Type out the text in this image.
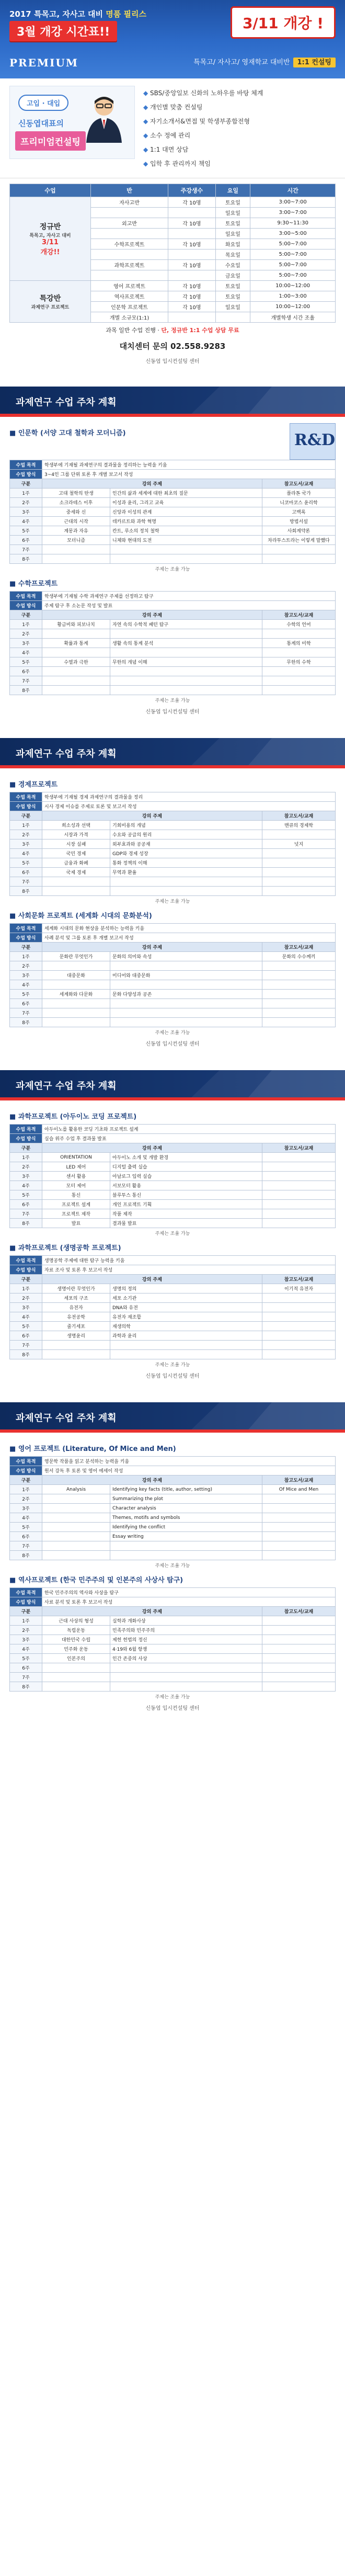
2017 특목고, 자사고 대비 명품 필리스
3월 개강 시간표!!
3/11 개강 !
PREMIUM	특목고/ 자사고/ 영재학교 대비반 1:1 컨설팅
고입 · 대입
신동엽대표의
프리미엄컨설팅
◆ SBS/중앙일보 신화의 노하우를 바탕 체계
◆ 개인별 맞춤 컨설팅
◆ 자기소개서&면접 및 학생부종합전형
◆ 소수 정예 관리
◆ 1:1 대면 상담
◆ 입학 후 관리까지 책임
수업	반	주강생수	요일	시간

정규반
특목고, 자사고 대비
3/11
개강!!	자사고반	각 10명	토요일	3:00~7:00
			일요일	3:00~7:00
	외고반	각 10명	토요일	9:30~11:30
			일요일	3:00~5:00
	수학프로젝트	각 10명	화요일	5:00~7:00
			목요일	5:00~7:00
	과학프로젝트	각 10명	수요일	5:00~7:00
			금요일	5:00~7:00

특강반
과제연구 프로젝트	영어 프로젝트	각 10명	토요일	10:00~12:00
	역사프로젝트	각 10명	토요일	1:00~3:00
	인문학 프로젝트	각 10명	일요일	10:00~12:00
	개별 소규모(1:1)			개별학생 시간 조율
과목 일반 수업 진행 · 단, 정규반 1:1 수업 상담 무료
대치센터 문의 02.558.9283
신동엽 입시컨설팅 센터
과제연구 수업 주차 계획
R&D
■ 인문학 (서양 고대 철학과 모더니즘)
수업 목적	학생부에 기재될 과제연구의 결과물을 정리하는 능력을 키움		
수업 방식	3~4인 그룹 단위 토론 후 개별 보고서 작성		
구분	강의 주제		참고도서/교재
1주	고대 철학의 탄생	인간의 삶과 세계에 대한 최초의 질문	플라톤 국가
2주	소크라테스 이후	이성과 윤리, 그리고 교육	니코마코스 윤리학
3주	중세와 신	신앙과 이성의 관계	고백록
4주	근대의 시작	데카르트와 과학 혁명	방법서설
5주	계몽과 자유	칸트, 루소의 정치 철학	사회계약론
6주	모더니즘	니체와 현대의 도전	차라투스트라는 이렇게 말했다
7주			
8주			
주제는 조율 가능
■ 수학프로젝트
수업 목적	학생부에 기재될 수학 과제연구 주제를 선정하고 탐구		
수업 방식	주제 탐구 후 소논문 작성 및 발표		
구분	강의 주제		참고도서/교재
1주	황금비와 피보나치	자연 속의 수학적 패턴 탐구	수학의 언어
2주			
3주	확률과 통계	생활 속의 통계 분석	통계의 미학
4주			
5주	수열과 극한	무한의 개념 이해	무한의 수학
6주			
7주			
8주			
주제는 조율 가능
신동엽 입시컨설팅 센터
과제연구 수업 주차 계획
■ 경제프로젝트
수업 목적	학생부에 기재될 경제 과제연구의 결과물을 정리		
수업 방식	시사 경제 이슈를 주제로 토론 및 보고서 작성		
구분	강의 주제		참고도서/교재
1주	희소성과 선택	기회비용의 개념	맨큐의 경제학
2주	시장과 가격	수요와 공급의 원리	
3주	시장 실패	외부효과와 공공재	넛지
4주	국민 경제	GDP와 경제 성장	
5주	금융과 화폐	통화 정책의 이해	
6주	국제 경제	무역과 환율	
7주			
8주			
주제는 조율 가능
■ 사회문화 프로젝트 (세계화 시대의 문화분석)
수업 목적	세계화 시대의 문화 현상을 분석하는 능력을 키움		
수업 방식	사례 분석 및 그룹 토론 후 개별 보고서 작성		
구분	강의 주제		참고도서/교재
1주	문화란 무엇인가	문화의 의미와 속성	문화의 수수께끼
2주			
3주	대중문화	미디어와 대중문화	
4주			
5주	세계화와 다문화	문화 다양성과 공존	
6주			
7주			
8주			
주제는 조율 가능
신동엽 입시컨설팅 센터
과제연구 수업 주차 계획
■ 과학프로젝트 (아두이노 코딩 프로젝트)
수업 목적	아두이노를 활용한 코딩 기초와 프로젝트 설계		
수업 방식	실습 위주 수업 후 결과물 발표		
구분	강의 주제		참고도서/교재
1주	ORIENTATION	아두이노 소개 및 개발 환경	
2주	LED 제어	디지털 출력 실습	
3주	센서 활용	아날로그 입력 실습	
4주	모터 제어	서보모터 활용	
5주	통신	블루투스 통신	
6주	프로젝트 설계	개인 프로젝트 기획	
7주	프로젝트 제작	작품 제작	
8주	발표	결과물 발표	
주제는 조율 가능
■ 과학프로젝트 (생명공학 프로젝트)
수업 목적	생명공학 주제에 대한 탐구 능력을 키움		
수업 방식	자료 조사 및 토론 후 보고서 작성		
구분	강의 주제		참고도서/교재
1주	생명이란 무엇인가	생명의 정의	이기적 유전자
2주	세포의 구조	세포 소기관	
3주	유전자	DNA와 유전	
4주	유전공학	유전자 재조합	
5주	줄기세포	재생의학	
6주	생명윤리	과학과 윤리	
7주			
8주			
주제는 조율 가능
신동엽 입시컨설팅 센터
과제연구 수업 주차 계획
■ 영어 프로젝트 (Literature, Of Mice and Men)
수업 목적	영문학 작품을 읽고 분석하는 능력을 키움		
수업 방식	원서 강독 후 토론 및 영어 에세이 작성		
구분	강의 주제		참고도서/교재
1주	Analysis	Identifying key facts (title, author, setting)	Of Mice and Men
2주		Summarizing the plot	
3주		Character analysis	
4주		Themes, motifs and symbols	
5주		Identifying the conflict	
6주		Essay writing	
7주			
8주			
주제는 조율 가능
■ 역사프로젝트 (한국 민주주의 및 인본주의 사상사 탐구)
수업 목적	한국 민주주의의 역사와 사상을 탐구		
수업 방식	사료 분석 및 토론 후 보고서 작성		
구분	강의 주제		참고도서/교재
1주	근대 사상의 형성	실학과 개화사상	
2주	독립운동	민족주의와 민주주의	
3주	대한민국 수립	제헌 헌법의 정신	
4주	민주화 운동	4·19와 6월 항쟁	
5주	인본주의	인간 존중의 사상	
6주			
7주			
8주			
주제는 조율 가능
신동엽 입시컨설팅 센터
